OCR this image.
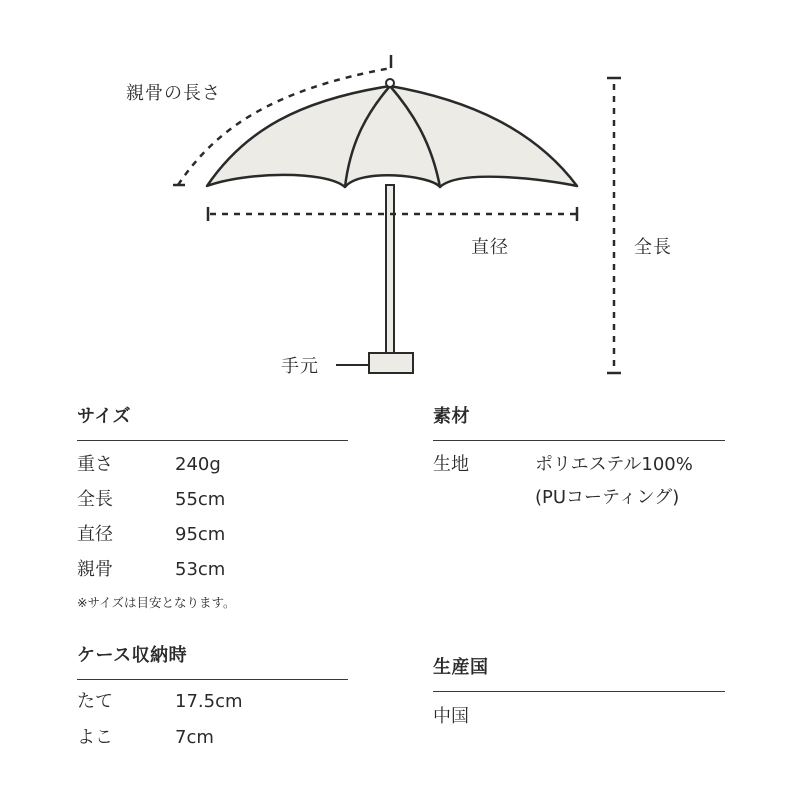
親骨の長さ
直径	全長
手元
サイズ
重さ	240g
全長	55cm
直径	95cm
親骨	53cm
※サイズは目安となります。
ケース収納時
たて	17.5cm
よこ	7cm
素材
生地	ポリエステル100%
(PUコーティング)
生産国
中国
